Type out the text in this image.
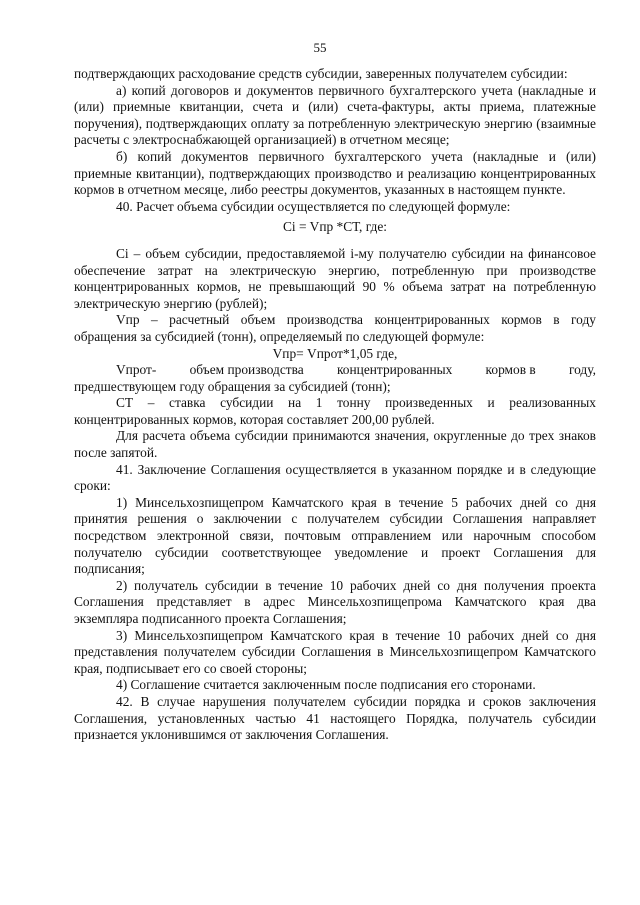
55

подтверждающих расходование средств субсидии, заверенных получателем субсидии:

а) копий договоров и документов первичного бухгалтерского учета (накладные и (или) приемные квитанции, счета и (или) счета-фактуры, акты приема, платежные поручения), подтверждающих оплату за потребленную электрическую энергию (взаимные расчеты с электроснабжающей организацией) в отчетном месяце;

б) копий документов первичного бухгалтерского учета (накладные и (или) приемные квитанции), подтверждающих производство и реализацию концентрированных кормов в отчетном месяце, либо реестры документов, указанных в настоящем пункте.

40. Расчет объема субсидии осуществляется по следующей формуле:

Сi = Vпр *СТ, где:

Сi – объем субсидии, предоставляемой i-му получателю субсидии на финансовое обеспечение затрат на электрическую энергию, потребленную при производстве концентрированных кормов, не превышающий 90 % объема затрат на потребленную электрическую энергию (рублей);

Vпр – расчетный объем производства концентрированных кормов в году обращения за субсидией (тонн), определяемый по следующей формуле:

Vпр= Vпрот*1,05 где,

Vпрот- объем производства концентрированных кормов в году,

предшествующем году обращения за субсидией (тонн);

СТ – ставка субсидии на 1 тонну произведенных и реализованных концентрированных кормов, которая составляет 200,00 рублей.

Для расчета объема субсидии принимаются значения, округленные до трех знаков после запятой.

41. Заключение Соглашения осуществляется в указанном порядке и в следующие сроки:

1) Минсельхозпищепром Камчатского края в течение 5 рабочих дней со дня принятия решения о заключении с получателем субсидии Соглашения направляет посредством электронной связи, почтовым отправлением или нарочным способом получателю субсидии соответствующее уведомление и проект Соглашения для подписания;

2) получатель субсидии в течение 10 рабочих дней со дня получения проекта Соглашения представляет в адрес Минсельхозпищепрома Камчатского края два экземпляра подписанного проекта Соглашения;

3) Минсельхозпищепром Камчатского края в течение 10 рабочих дней со дня представления получателем субсидии Соглашения в Минсельхозпищепром Камчатского края, подписывает его со своей стороны;

4) Соглашение считается заключенным после подписания его сторонами.

42. В случае нарушения получателем субсидии порядка и сроков заключения Соглашения, установленных частью 41 настоящего Порядка, получатель субсидии признается уклонившимся от заключения Соглашения.
